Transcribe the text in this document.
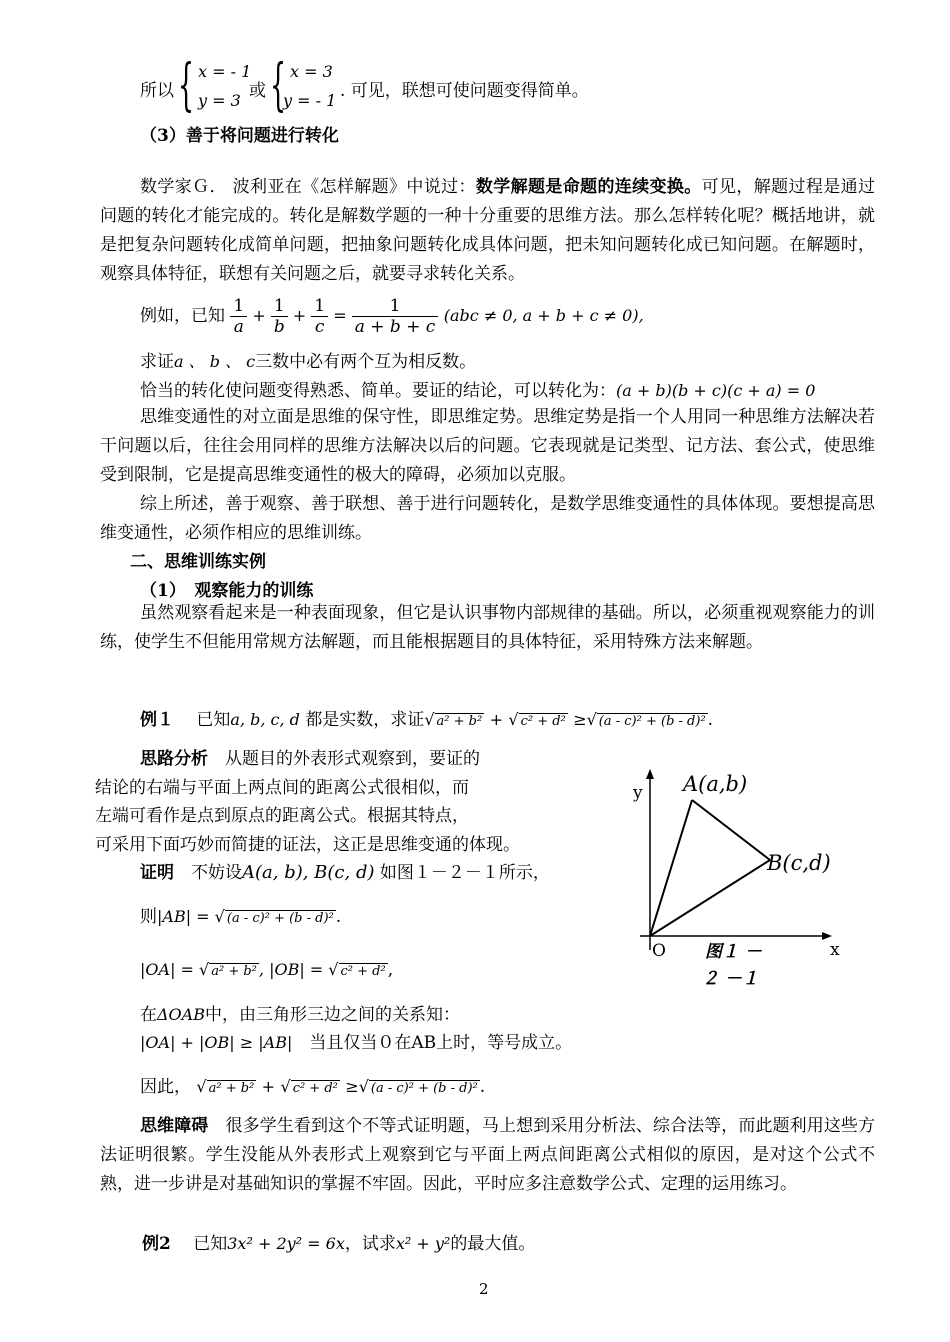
所以 { x = - 1
y = 3 或 { x = 3
y = - 1 . 可见，联想可使问题变得简单。
（3）善于将问题进行转化
数学家Ｇ． 波利亚在《怎样解题》中说过：数学解题是命题的连续变换。可见，解题过程是通过问题的转化才能完成的。转化是解数学题的一种十分重要的思维方法。那么怎样转化呢？概括地讲，就是把复杂问题转化成简单问题，把抽象问题转化成具体问题，把未知问题转化成已知问题。在解题时，观察具体特征，联想有关问题之后，就要寻求转化关系。
例如，已知 $\frac{1}{a} + \frac{1}{b} + \frac{1}{c} = \frac{1}{a + b + c} (abc \ne 0$, a + b + c ≠ 0),
求证a 、 b 、 c三数中必有两个互为相反数。
恰当的转化使问题变得熟悉、简单。要证的结论，可以转化为：(a + b)(b + c)(c + a) = 0
思维变通性的对立面是思维的保守性，即思维定势。思维定势是指一个人用同一种思维方法解决若干问题以后，往往会用同样的思维方法解决以后的问题。它表现就是记类型、记方法、套公式，使思维受到限制，它是提高思维变通性的极大的障碍，必须加以克服。
综上所述，善于观察、善于联想、善于进行问题转化，是数学思维变通性的具体体现。要想提高思维变通性，必须作相应的思维训练。
二、思维训练实例
（1）　观察能力的训练
虽然观察看起来是一种表面现象，但它是认识事物内部规律的基础。所以，必须重视观察能力的训练，使学生不但能用常规方法解题，而且能根据题目的具体特征，采用特殊方法来解题。
例１　 已知a, b, c, d 都是实数，求证√ a² + b² + √ c² + d² ≥√ (a - c)² + (b - d)² .
思路分析　 从题目的外表形式观察到，要证的
结论的右端与平面上两点间的距离公式很相似，而
左端可看作是点到原点的距离公式。根据其特点，
可采用下面巧妙而简捷的证法，这正是思维变通的体现。
证明　 不妨设A(a, b), B(c, d) 如图１－２－１所示，
则|AB| = √ (a - c)² + (b - d)² .
|OA| = √ a² + b² , |OB| = √ c² + d² ,
在ΔOAB中，由三角形三边之间的关系知：
|OA| + |OB| ≥ |AB|　 当且仅当０在AB上时，等号成立。
因此， √ a² + b² + √ c² + d² ≥√ (a - c)² + (b - d)² .
y
x
O
A(a,b)
B(c,d)
图１ －
２ －１
思维障碍　 很多学生看到这个不等式证明题，马上想到采用分析法、综合法等，而此题利用这些方法证明很繁。学生没能从外表形式上观察到它与平面上两点间距离公式相似的原因，是对这个公式不熟，进一步讲是对基础知识的掌握不牢固。因此，平时应多注意数学公式、定理的运用练习。
例2　 已知3x² + 2y² = 6x，试求x² + y²的最大值。
2
